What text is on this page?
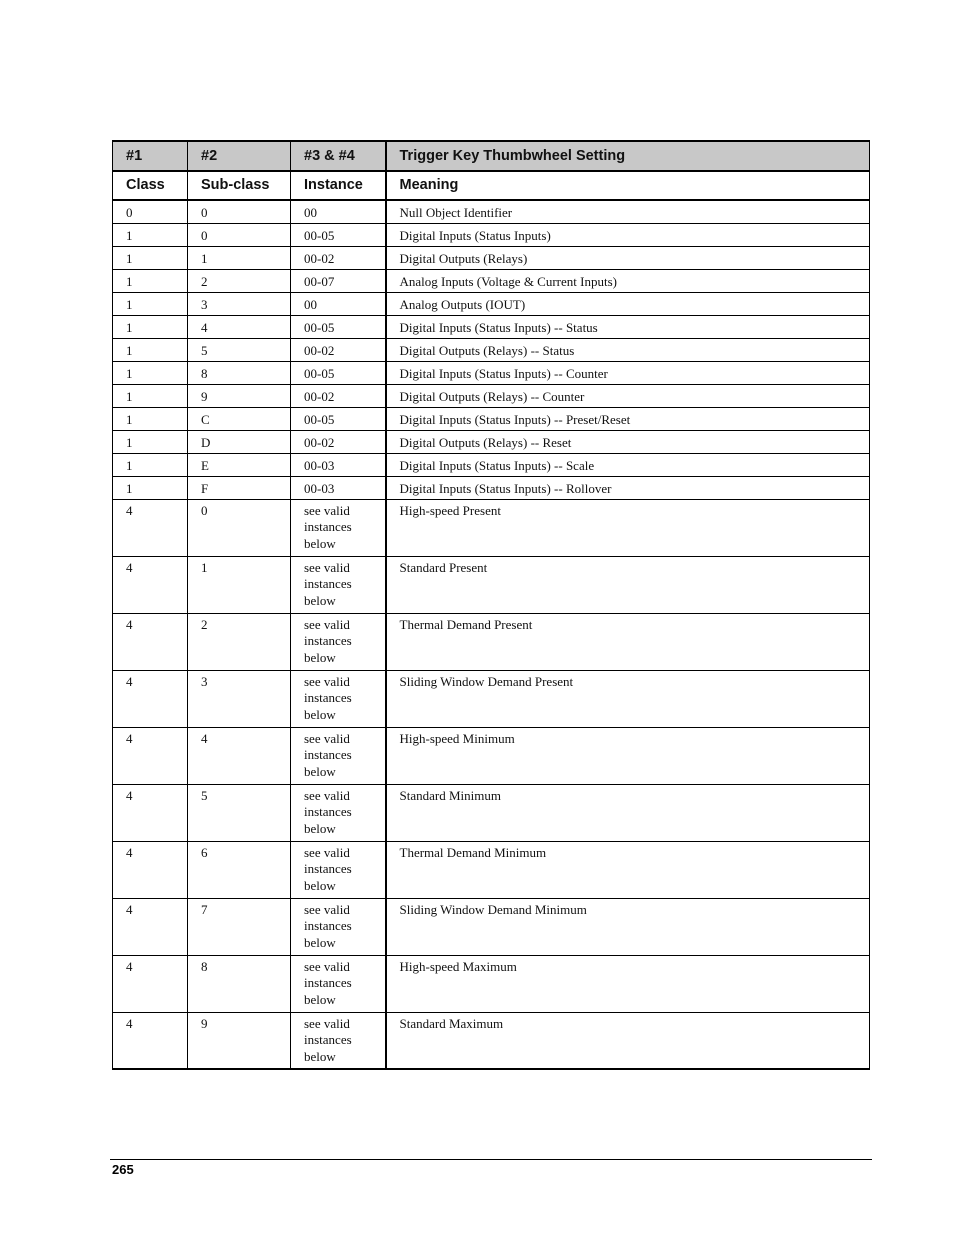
#1	#2	#3 & #4	Trigger Key Thumbwheel Setting
Class	Sub-class	Instance	Meaning
0	0	00	Null Object Identifier
1	0	00-05	Digital Inputs (Status Inputs)
1	1	00-02	Digital Outputs (Relays)
1	2	00-07	Analog Inputs (Voltage & Current Inputs)
1	3	00	Analog Outputs (IOUT)
1	4	00-05	Digital Inputs (Status Inputs) -- Status
1	5	00-02	Digital Outputs (Relays) -- Status
1	8	00-05	Digital Inputs (Status Inputs) -- Counter
1	9	00-02	Digital Outputs (Relays) -- Counter
1	C	00-05	Digital Inputs (Status Inputs) -- Preset/Reset
1	D	00-02	Digital Outputs (Relays) -- Reset
1	E	00-03	Digital Inputs (Status Inputs) -- Scale
1	F	00-03	Digital Inputs (Status Inputs) -- Rollover
4	0	see valid instances below	High-speed Present
4	1	see valid instances below	Standard Present
4	2	see valid instances below	Thermal Demand Present
4	3	see valid instances below	Sliding Window Demand Present
4	4	see valid instances below	High-speed Minimum
4	5	see valid instances below	Standard Minimum
4	6	see valid instances below	Thermal Demand Minimum
4	7	see valid instances below	Sliding Window Demand Minimum
4	8	see valid instances below	High-speed Maximum
4	9	see valid instances below	Standard Maximum
265
